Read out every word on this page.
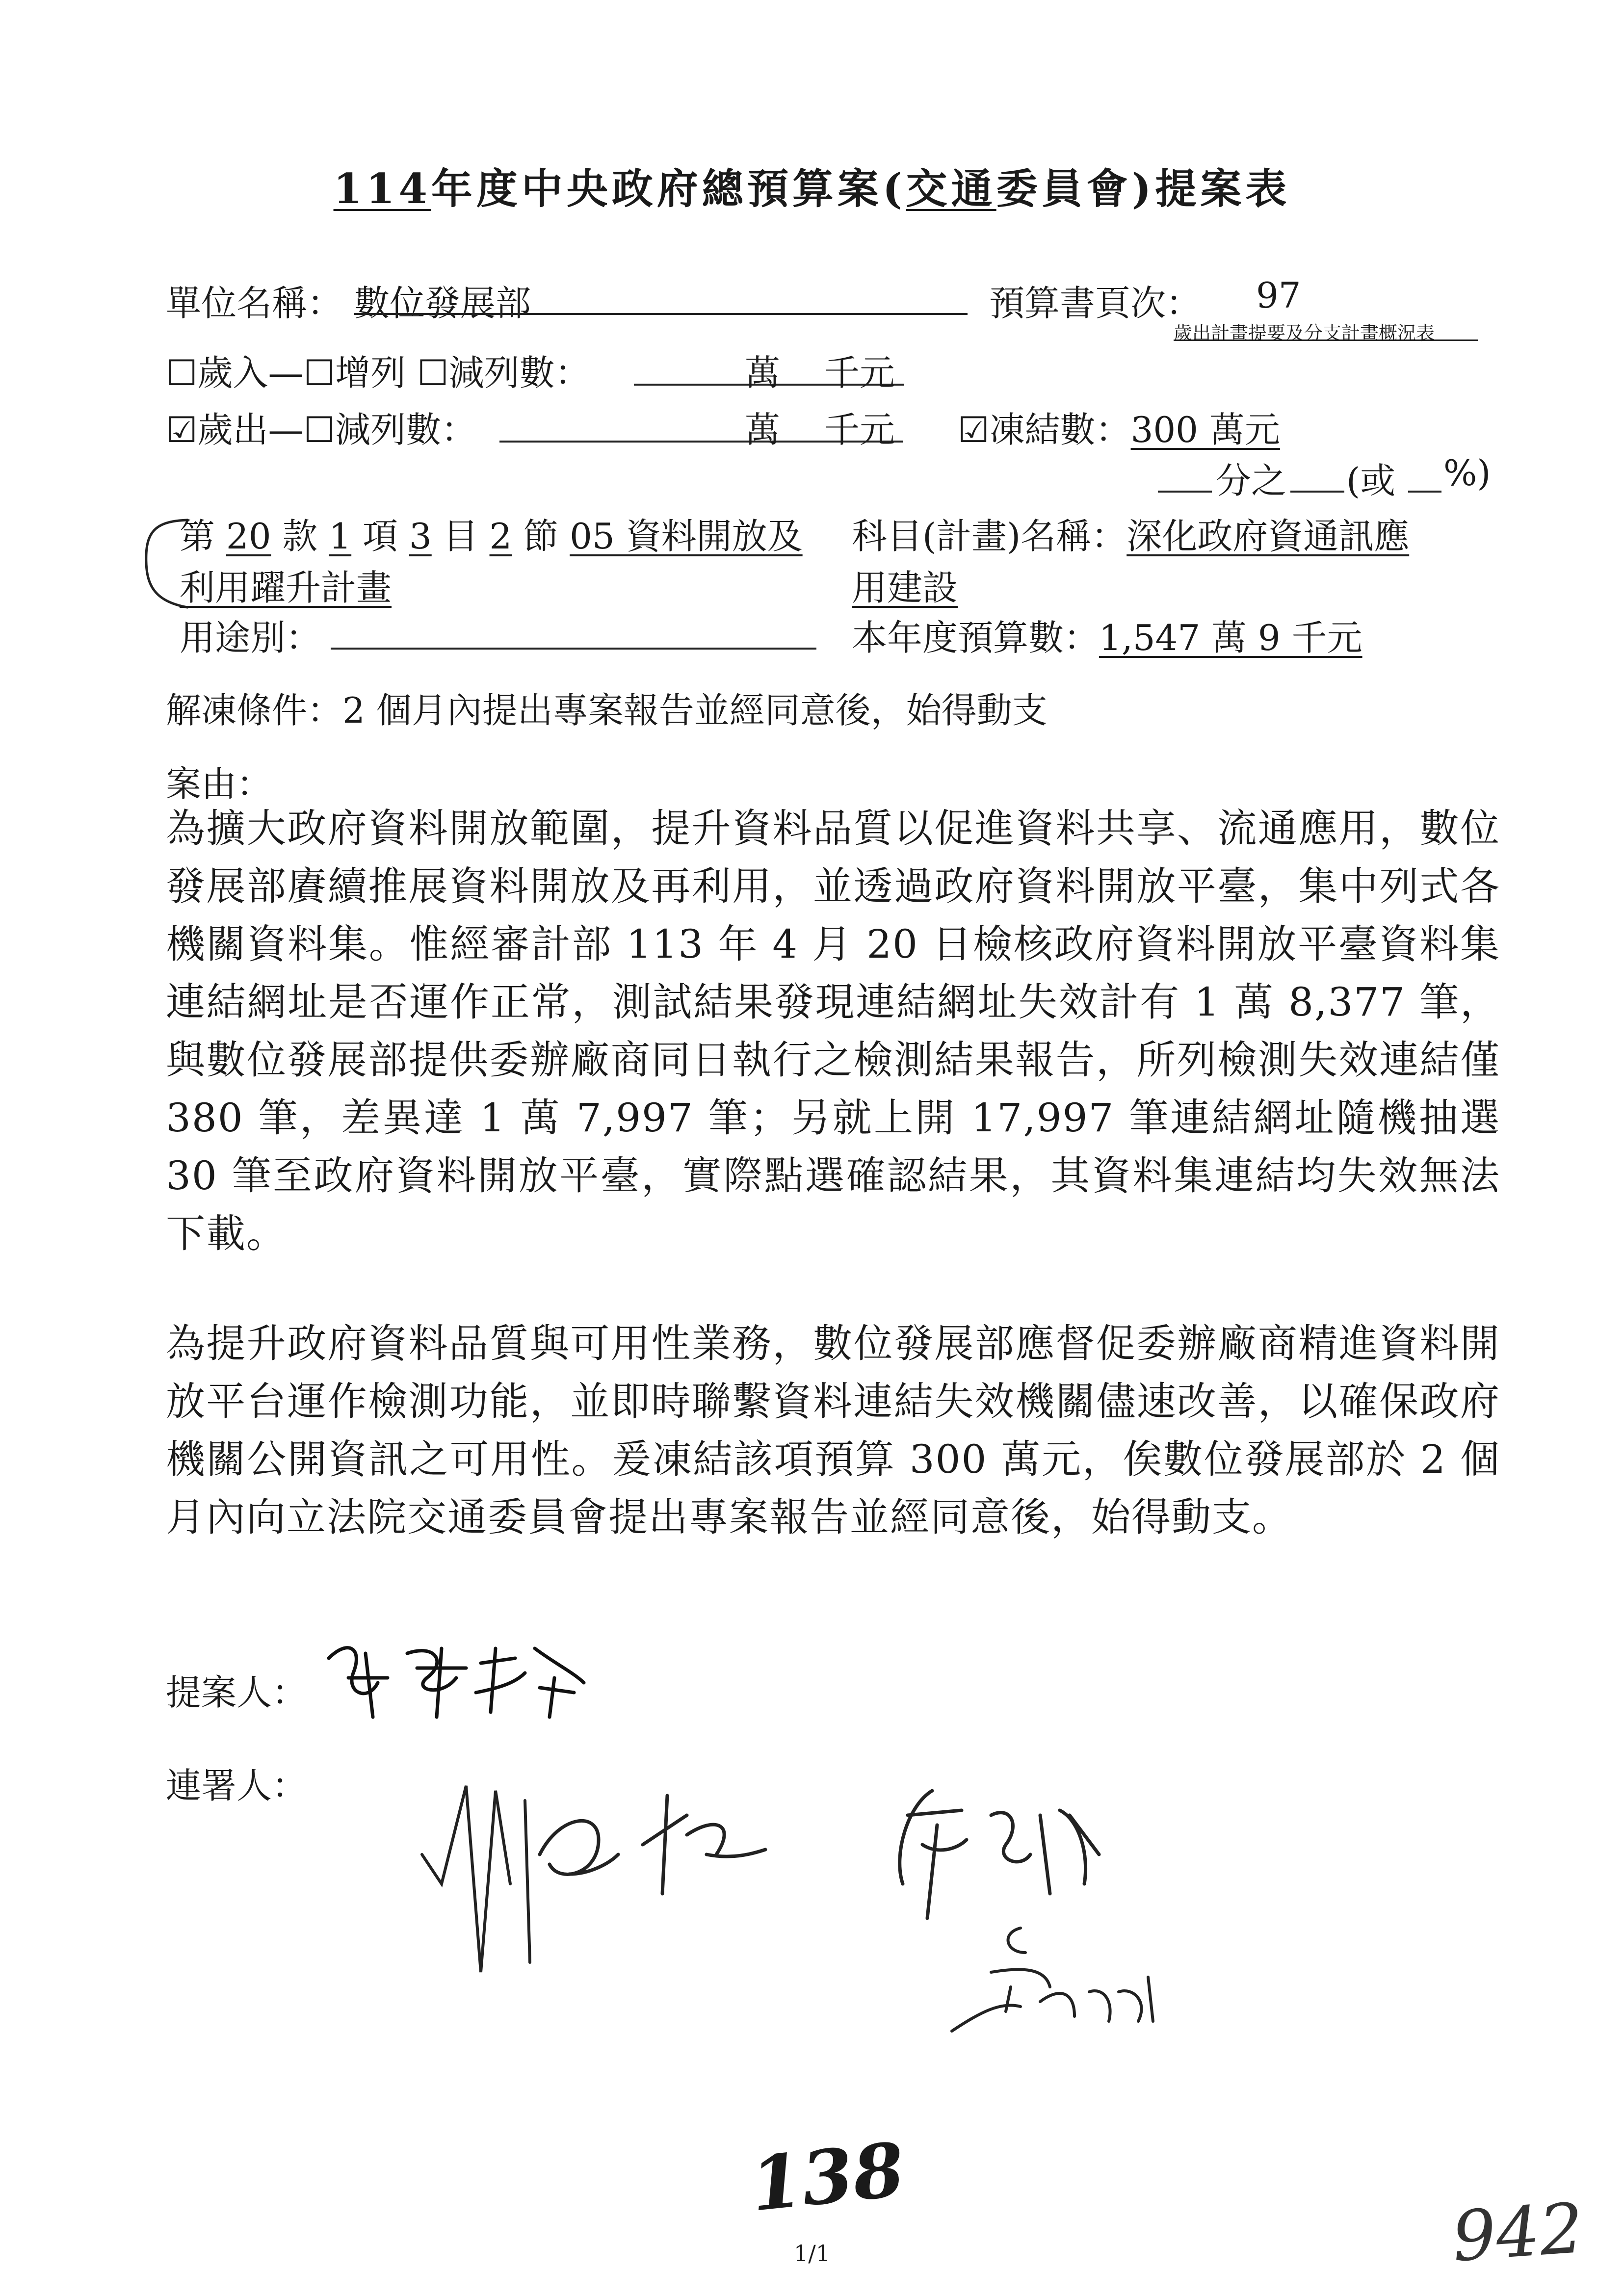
114年度中央政府總預算案(交通委員會)提案表
單位名稱： 數位發展部	預算書頁次： 97
歲出計畫提要及分支計畫概況表
☐歲入—☐增列 ☐減列數：	萬 千元
☑歲出—☐減列數：	萬 千元 ☑凍結數：300 萬元
分之 (或 %)
第 20 款 1 項 3 目 2 節 05 資料開放及
利用躍升計畫
科目(計畫)名稱：深化政府資通訊應
用建設
用途別：	本年度預算數：1,547 萬 9 千元
解凍條件：2 個月內提出專案報告並經同意後，始得動支
案由：
為擴大政府資料開放範圍，提升資料品質以促進資料共享、流通應用，數位發展部賡續推展資料開放及再利用，並透過政府資料開放平臺，集中列式各機關資料集。惟經審計部 113 年 4 月 20 日檢核政府資料開放平臺資料集連結網址是否運作正常，測試結果發現連結網址失效計有 1 萬 8,377 筆，與數位發展部提供委辦廠商同日執行之檢測結果報告，所列檢測失效連結僅 380 筆，差異達 1 萬 7,997 筆；另就上開 17,997 筆連結網址隨機抽選 30 筆至政府資料開放平臺，實際點選確認結果，其資料集連結均失效無法下載。
為提升政府資料品質與可用性業務，數位發展部應督促委辦廠商精進資料開放平台運作檢測功能，並即時聯繫資料連結失效機關儘速改善，以確保政府機關公開資訊之可用性。爰凍結該項預算 300 萬元，俟數位發展部於 2 個月內向立法院交通委員會提出專案報告並經同意後，始得動支。
提案人：
連署人：
138
942
1/1
